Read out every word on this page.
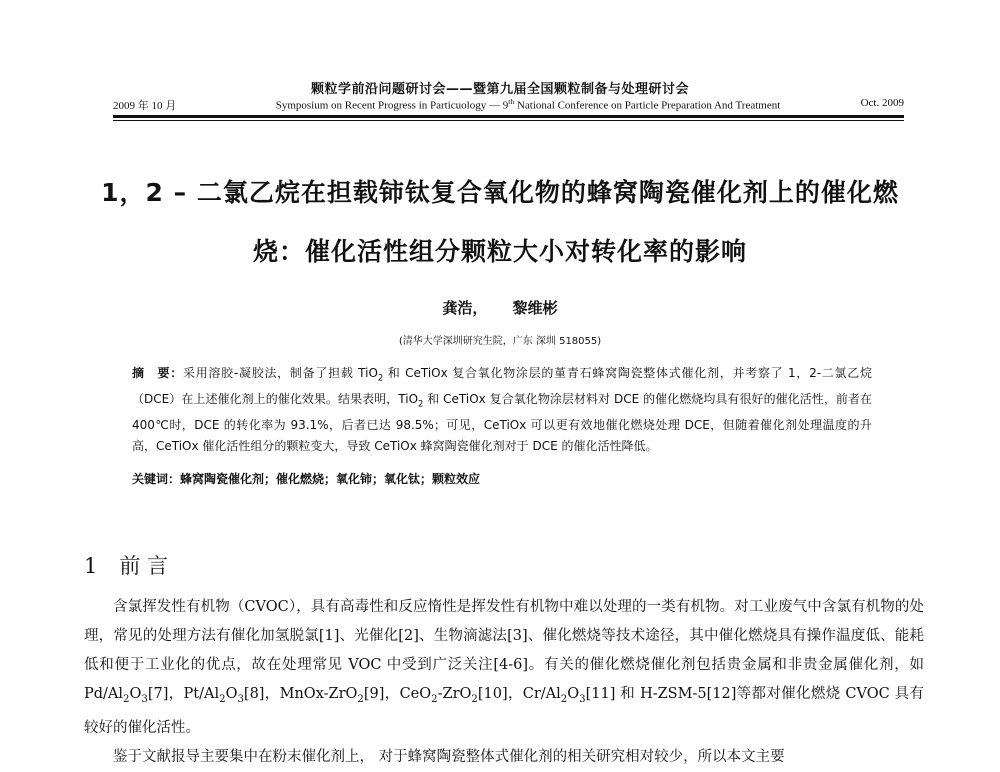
颗粒学前沿问题研讨会——暨第九届全国颗粒制备与处理研讨会
2009 年 10 月	Symposium on Recent Progress in Particuology — 9th National Conference on Particle Preparation And Treatment	Oct. 2009
1，2 – 二氯乙烷在担载铈钛复合氧化物的蜂窝陶瓷催化剂上的催化燃
烧：催化活性组分颗粒大小对转化率的影响
龚浩， 黎维彬
(清华大学深圳研究生院，广东 深圳 518055)
摘　要：采用溶胶-凝胶法，制备了担载 TiO$_2$ 和 CeTiOx 复合氧化物涂层的堇青石蜂窝陶瓷整体式催化剂，并考察了 1，2-二氯乙烷（DCE）在上述催化剂上的催化效果。结果表明，TiO$_2$ 和 CeTiOx 复合氧化物涂层材料对 DCE 的催化燃烧均具有很好的催化活性，前者在 400℃时，DCE 的转化率为 93.1%，后者已达 98.5%；可见，CeTiOx 可以更有效地催化燃烧处理 DCE，但随着催化剂处理温度的升高，CeTiOx 催化活性组分的颗粒变大，导致 CeTiOx 蜂窝陶瓷催化剂对于 DCE 的催化活性降低。
关键词：蜂窝陶瓷催化剂；催化燃烧；氧化铈；氧化钛；颗粒效应
1 前 言

含氯挥发性有机物（CVOC），具有高毒性和反应惰性是挥发性有机物中难以处理的一类有机物。对工业废气中含氯有机物的处理，常见的处理方法有催化加氢脱氯[1]、光催化[2]、生物滴滤法[3]、催化燃烧等技术途径，其中催化燃烧具有操作温度低、能耗低和便于工业化的优点，故在处理常见 VOC 中受到广泛关注[4-6]。有关的催化燃烧催化剂包括贵金属和非贵金属催化剂，如 $Pd/Al_2O_3[7]$，$Pt/Al_2O_3[8]$，MnOx-ZrO$_2$[9]，CeO$_2$-ZrO$_2$[10]，$Cr/Al_2O_3[11]$ 和 H-ZSM-5[12]等都对催化燃烧 CVOC 具有较好的催化活性。

鉴于文献报导主要集中在粉末催化剂上， 对于蜂窝陶瓷整体式催化剂的相关研究相对较少，所以本文主要
